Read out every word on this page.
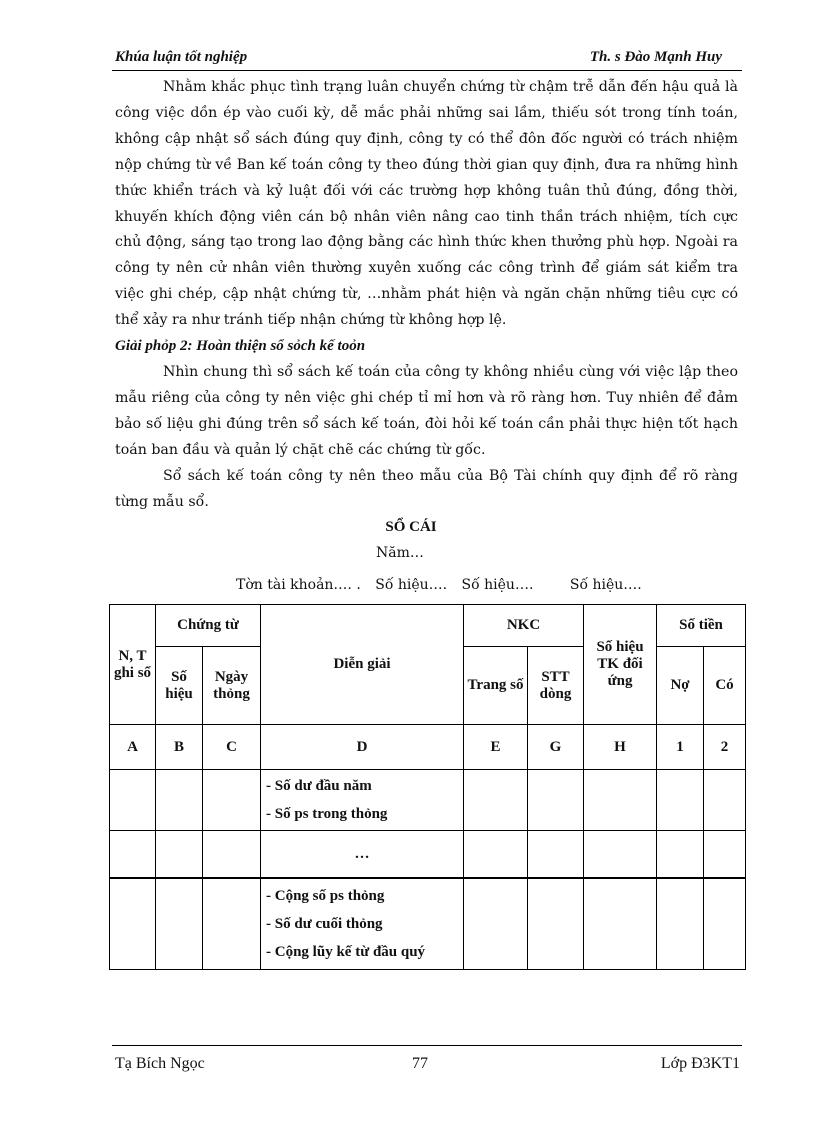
Khúa luận tốt nghiệp	Th. s Đào Mạnh Huy

Nhằm khắc phục tình trạng luân chuyển chứng từ chậm trễ dẫn đến hậu quả là công việc dồn ép vào cuối kỳ, dễ mắc phải những sai lầm, thiếu sót trong tính toán, không cập nhật sổ sách đúng quy định, công ty có thể đôn đốc người có trách nhiệm nộp chứng từ về Ban kế toán công ty theo đúng thời gian quy định, đưa ra những hình thức khiển trách và kỷ luật đối với các trường hợp không tuân thủ đúng, đồng thời, khuyến khích động viên cán bộ nhân viên nâng cao tinh thần trách nhiệm, tích cực chủ động, sáng tạo trong lao động bằng các hình thức khen thưởng phù hợp. Ngoài ra công ty nên cử nhân viên thường xuyên xuống các công trình để giám sát kiểm tra việc ghi chép, cập nhật chứng từ, …nhằm phát hiện và ngăn chặn những tiêu cực có thể xảy ra như tránh tiếp nhận chứng từ không hợp lệ.

Giải phỏp 2: Hoàn thiện sổ sỏch kế toỏn

Nhìn chung thì sổ sách kế toán của công ty không nhiều cùng với việc lập theo mẫu riêng của công ty nên việc ghi chép tỉ mỉ hơn và rõ ràng hơn. Tuy nhiên để đảm bảo số liệu ghi đúng trên sổ sách kế toán, đòi hỏi kế toán cần phải thực hiện tốt hạch toán ban đầu và quản lý chặt chẽ các chứng từ gốc.

Sổ sách kế toán công ty nên theo mẫu của Bộ Tài chính quy định để rõ ràng từng mẫu sổ.

SỔ CÁI
Năm…
Tờn tài khoản…. . Số hiệu…. Số hiệu….	Số hiệu….
N, T ghi sổ	Chứng từ		Diễn giải	NKC		Số hiệu TK đối ứng	Số tiền	
	Số hiệu	Ngày thỏng		Trang số	STT dòng		Nợ	Có
A	B	C	D	E	G	H	1	2

			- Số dư đầu năm
- Số ps trong thỏng					

			…					

			- Cộng số ps thỏng
- Số dư cuối thỏng
- Cộng lũy kế từ đầu quý					

Tạ Bích Ngọc	77	Lớp Đ3KT1
